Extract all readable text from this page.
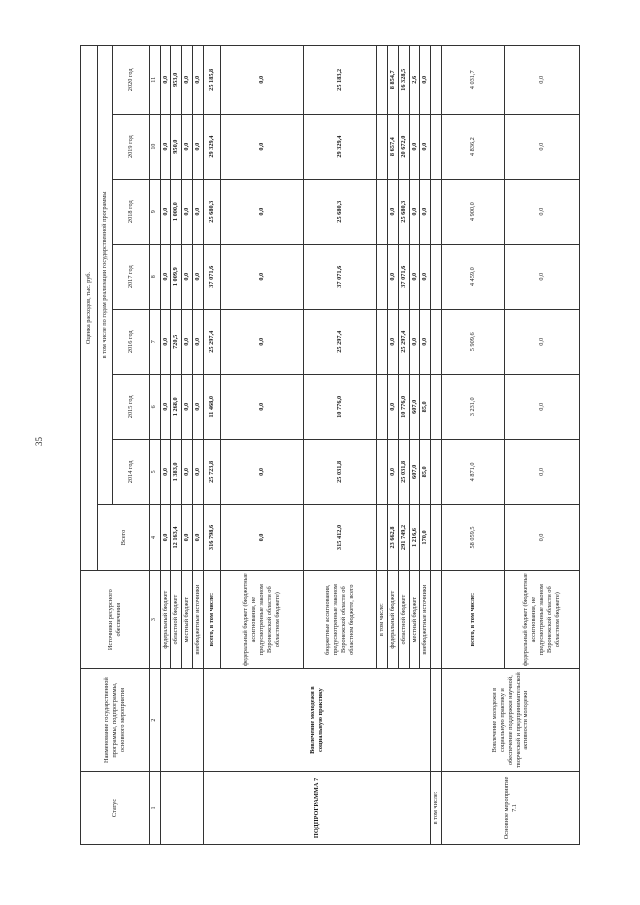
35
Статус	Наименование государственной программы, подпрограммы, основного мероприятия	Источники ресурсного обеспечения	Оценка расходов, тыс. руб.							
			Всего	в том числе по годам реализации государственной программы						
				2014 год	2015 год	2016 год	2017 год	2018 год	2019 год	2020 год
1	2	3	4	5	6	7	8	9	10	11
		федеральный бюджет	0,0	0,0	0,0	0,0	0,0	0,0	0,0	0,0
		областной бюджет	12 163,4	1 383,0	1 268,0	720,5	1 009,9	1 000,0	950,0	953,0
		местный бюджет	0,0	0,0	0,0	0,0	0,0	0,0	0,0	0,0
		внебюджетные источники	0,0	0,0	0,0	0,0	0,0	0,0	0,0	0,0
ПОДПРОГРАММА 7	Вовлечение молодежи в социальную практику	всего, в том числе:	316 798,6	25 723,8	11 468,0	25 297,4	37 071,6	25 680,3	29 329,4	25 185,8
		федеральный бюджет (бюджетные ассигнования, не предусмотренные законом Воронежской области об областном бюджете)	0,0	0,0	0,0	0,0	0,0	0,0	0,0	0,0
		бюджетные ассигнования, предусмотренные законом Воронежской области об областном бюджете, всего	315 412,0	25 031,8	10 776,0	25 297,4	37 071,6	25 680,3	29 329,4	25 183,2
		в том числе:								
		федеральный бюджет	23 662,8	0,0	0,0	0,0	0,0	0,0	8 657,4	8 854,7
		областной бюджет	291 749,2	25 031,8	10 776,0	25 297,4	37 071,6	25 680,3	20 672,0	16 328,5
		местный бюджет	1 216,6	607,0	607,0	0,0	0,0	0,0	0,0	2,6
		внебюджетные источники	170,0	85,0	85,0	0,0	0,0	0,0	0,0	0,0
в том числе:										
Основное мероприятие 7.1	Вовлечение молодежи в социальную практику и обеспечение поддержки научной, творческой и предпринимательской активности молодежи	всего, в том числе:	58 059,5	4 871,0	3 231,0	5 909,6	4 459,0	4 900,0	4 836,2	4 031,7
		федеральный бюджет (бюджетные ассигнования, не предусмотренные законом Воронежской области об областном бюджете)	0,0	0,0	0,0	0,0	0,0	0,0	0,0	0,0
